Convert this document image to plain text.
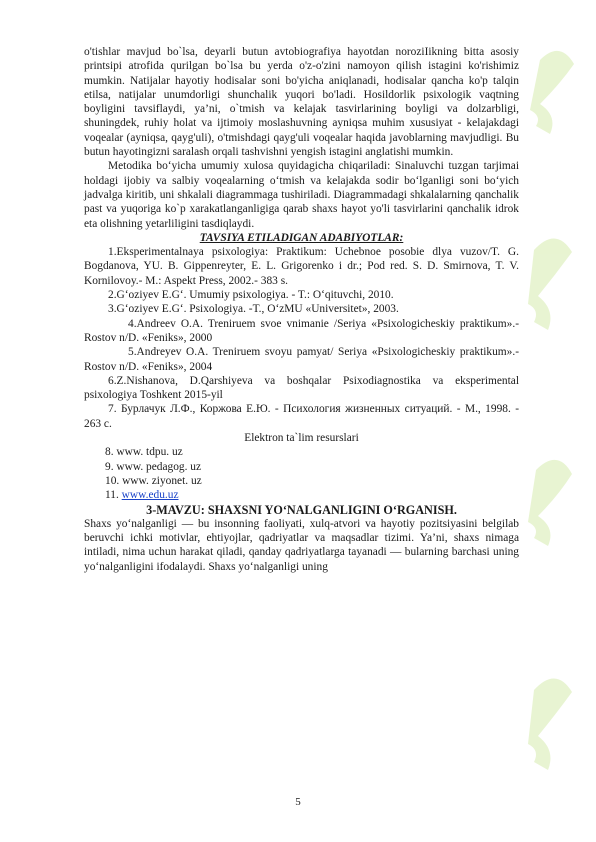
o'tishlar mavjud bo`lsa, deyarli butun avtobiografiya hayotdan noroziIikning bitta asosiy printsipi atrofida qurilgan bo`lsa bu yerda o'z-o'zini namoyon qilish istagini ko'rishimiz mumkin. Natijalar hayotiy hodisalar soni bo'yicha aniqlanadi, hodisalar qancha ko'p talqin etilsa, natijalar unumdorligi shunchalik yuqori bo'ladi. Hosildorlik psixologik vaqtning boyligini tavsiflaydi, ya’ni, o`tmish va kelajak tasvirlarining boyligi va dolzarbligi, shuningdek, ruhiy holat va ijtimoiy moslashuvning ayniqsa muhim xususiyat - kelajakdagi voqealar (ayniqsa, qayg'uli), o'tmishdagi qayg'uli voqealar haqida javoblarning mavjudligi. Bu butun hayotingizni saralash orqali tashvishni yengish istagini anglatishi mumkin.

Metodika bo‘yicha umumiy xulosa quyidagicha chiqariladi: Sinaluvchi tuzgan tarjimai holdagi ijobiy va salbiy voqealarning o‘tmish va kelajakda sodir bo‘lganligi soni bo‘yich jadvalga kiritib, uni shkalali diagrammaga tushiriladi. Diagrammadagi shkalalarning qanchalik past va yuqoriga ko`p xarakatlanganligiga qarab shaxs hayot yo'li tasvirlarini qanchalik idrok eta olishning yetarliligini tasdiqlaydi.

TAVSIYA ETILADIGAN ADABIYOTLAR:

1.Eksperimentalnaya psixologiya: Praktikum: Uchebnoe posobie dlya vuzov/T. G. Bogdanova, YU. B. Gippenreyter, E. L. Grigorenko i dr.; Pod red. S. D. Smirnova, T. V. Kornilovoy.- M.: Aspekt Press, 2002.- 383 s.

2.G‘oziyev E.G‘. Umumiy psixologiya. - T.: O‘qituvchi, 2010.

3.G‘oziyev E.G‘. Psixologiya. -T., O‘zMU «Universitet», 2003.

4.Andreev O.A. Treniruem svoe vnimanie /Seriya «Psixologicheskiy praktikum».-Rostov n/D. «Feniks», 2000

5.Andreyev O.A. Treniruem svoyu pamyat/ Seriya «Psixologicheskiy praktikum».-Rostov n/D. «Feniks», 2004

6.Z.Nishanova, D.Qarshiyeva va boshqalar Psixodiagnostika va eksperimental psixologiya Toshkent 2015-yil

7. Бурлачук Л.Ф., Коржова Е.Ю. - Психология жизненных ситуаций. - М., 1998. - 263 с.

Elektron ta`lim resurslari

8. www. tdpu. uz

9. www. pedagog. uz

10. www. ziyonet. uz

11. www.edu.uz

3-MAVZU: SHAXSNI YO‘NALGANLIGINI O‘RGANISH.

Shaxs yo‘nalganligi — bu insonning faoliyati, xulq-atvori va hayotiy pozitsiyasini belgilab beruvchi ichki motivlar, ehtiyojlar, qadriyatlar va maqsadlar tizimi. Ya’ni, shaxs nimaga intiladi, nima uchun harakat qiladi, qanday qadriyatlarga tayanadi — bularning barchasi uning yo‘nalganligini ifodalaydi. Shaxs yo‘nalganligi uning

5
